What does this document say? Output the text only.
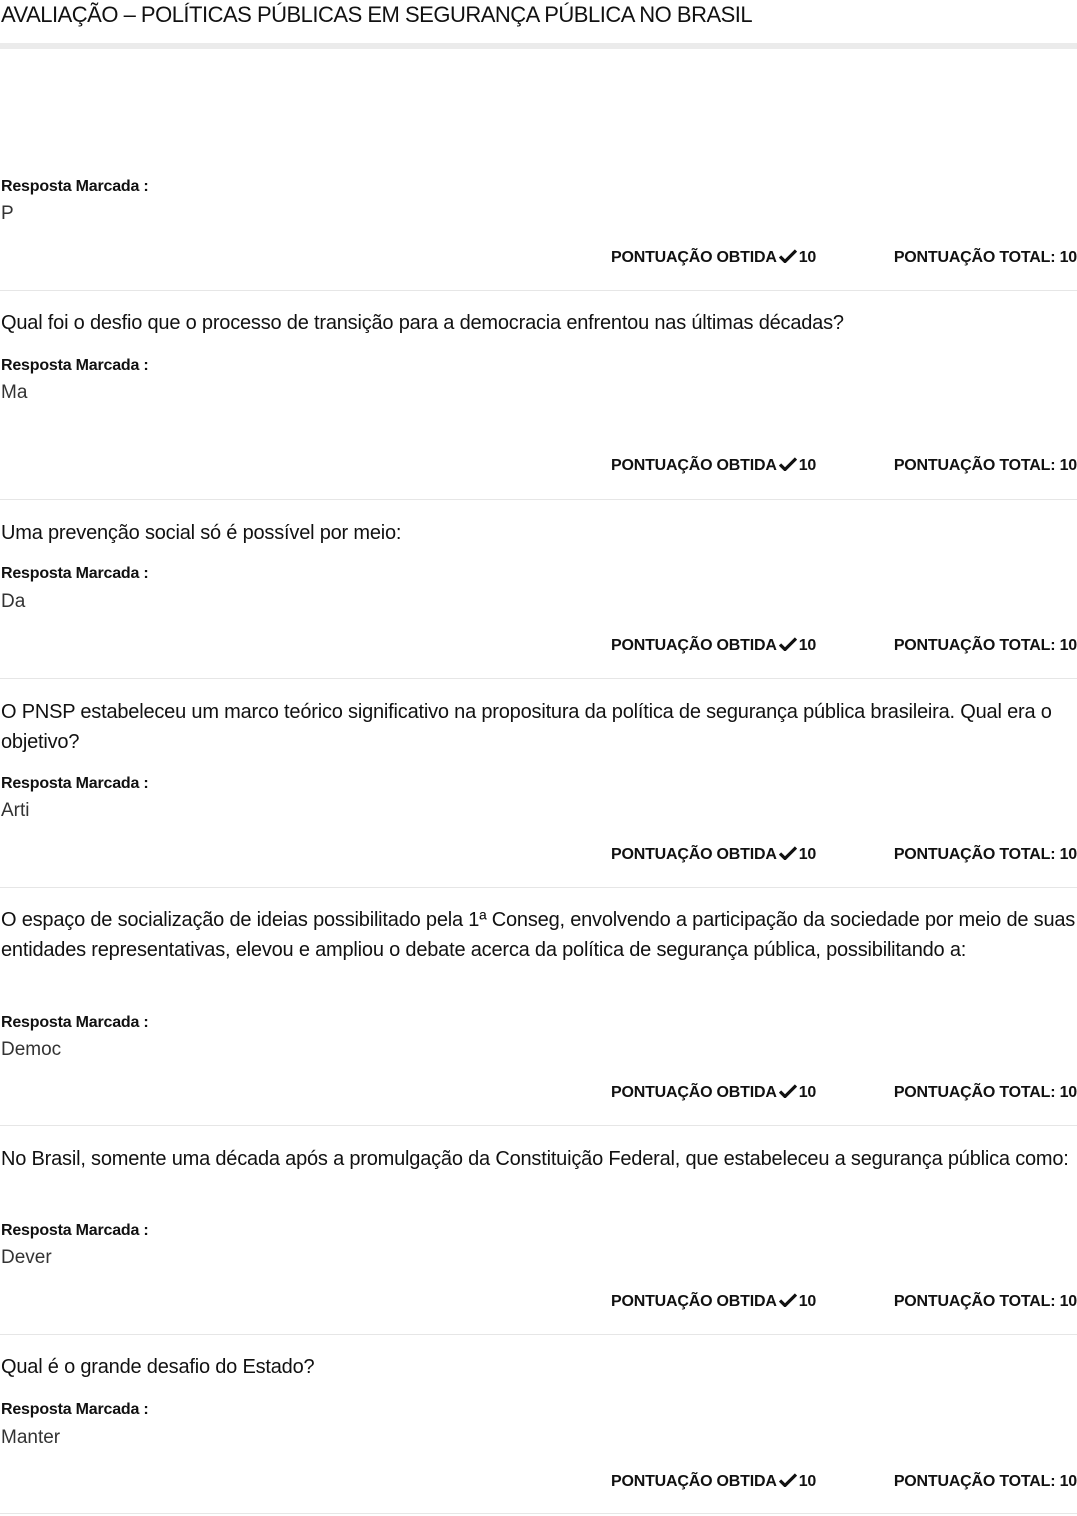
AVALIAÇÃO – POLÍTICAS PÚBLICAS EM SEGURANÇA PÚBLICA NO BRASIL
Resposta Marcada :
P
PONTUAÇÃO OBTIDA 10	PONTUAÇÃO TOTAL: 10
Qual foi o desfio que o processo de transição para a democracia enfrentou nas últimas décadas?
Resposta Marcada :
Ma
PONTUAÇÃO OBTIDA 10	PONTUAÇÃO TOTAL: 10
Uma prevenção social só é possível por meio:
Resposta Marcada :
Da
PONTUAÇÃO OBTIDA 10	PONTUAÇÃO TOTAL: 10
O PNSP estabeleceu um marco teórico significativo na propositura da política de segurança pública brasileira. Qual era o objetivo?
Resposta Marcada :
Arti
PONTUAÇÃO OBTIDA 10	PONTUAÇÃO TOTAL: 10
O espaço de socialização de ideias possibilitado pela 1ª Conseg, envolvendo a participação da sociedade por meio de suas entidades representativas, elevou e ampliou o debate acerca da política de segurança pública, possibilitando a:
Resposta Marcada :
Democ
PONTUAÇÃO OBTIDA 10	PONTUAÇÃO TOTAL: 10
No Brasil, somente uma década após a promulgação da Constituição Federal, que estabeleceu a segurança pública como:
Resposta Marcada :
Dever
PONTUAÇÃO OBTIDA 10	PONTUAÇÃO TOTAL: 10
Qual é o grande desafio do Estado?
Resposta Marcada :
Manter
PONTUAÇÃO OBTIDA 10	PONTUAÇÃO TOTAL: 10
